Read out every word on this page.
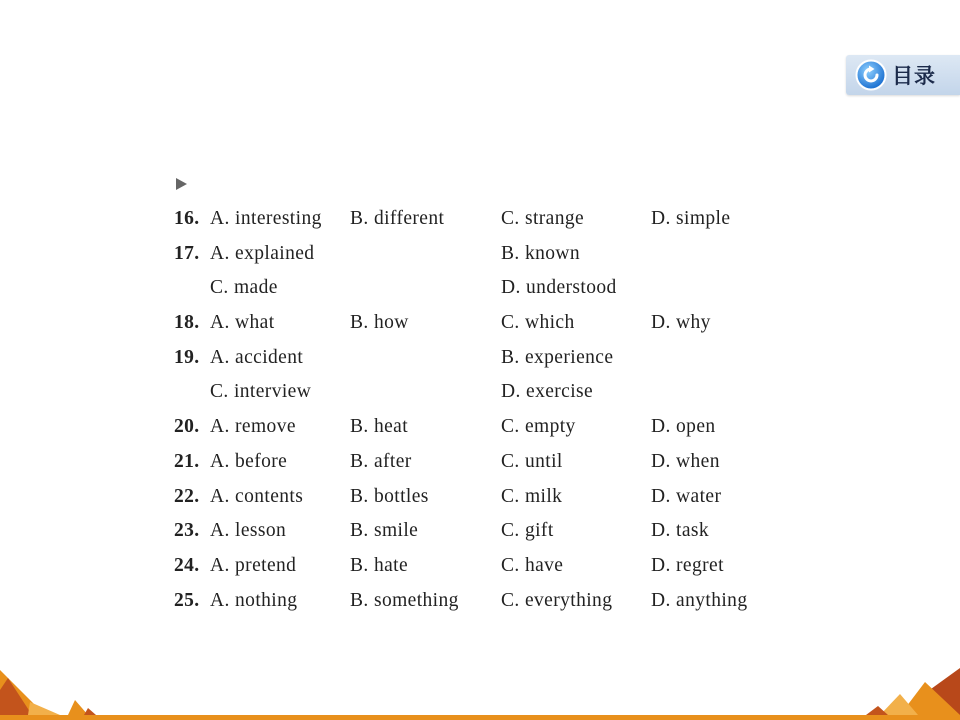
目录
16. A. interesting B. different	C. strange	D. simple
17. A. explained	B. known
C. made	D. understood
18. A. what	B. how	C. which	D. why
19. A. accident	B. experience
C. interview	D. exercise
20. A. remove	B. heat	C. empty	D. open
21. A. before	B. after	C. until	D. when
22. A. contents B. bottles	C. milk	D. water
23. A. lesson	B. smile	C. gift	D. task
24. A. pretend	B. hate	C. have	D. regret
25. A. nothing	B. something C. everything D. anything
